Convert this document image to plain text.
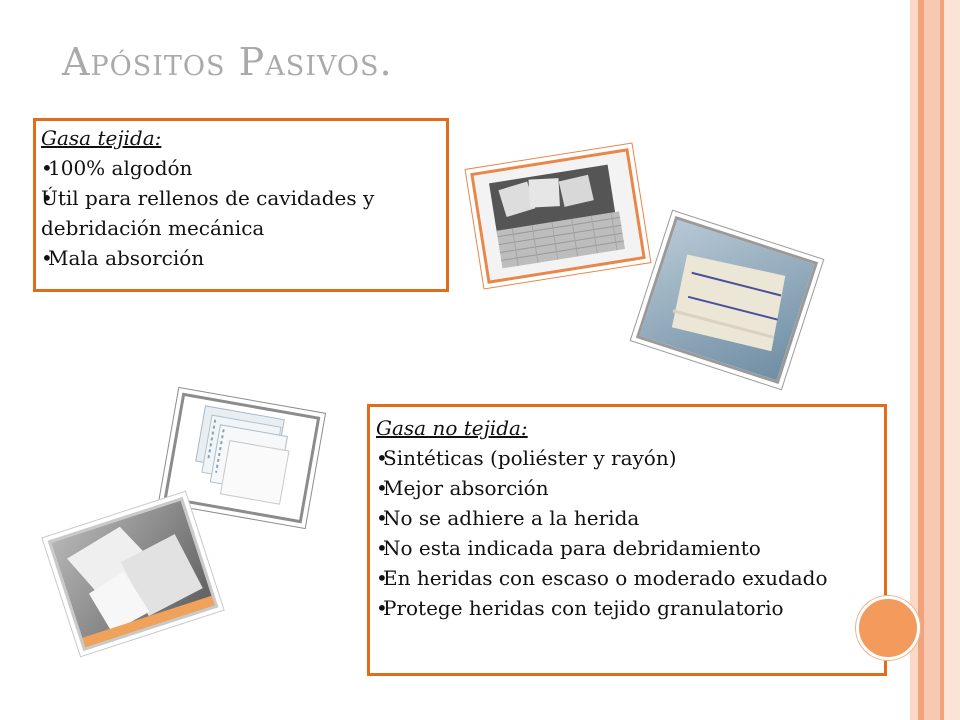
Apósitos Pasivos.
Gasa tejida:
• 100% algodón
• Útil para rellenos de cavidades y debridación mecánica
• Mala absorción
Gasa no tejida:
• Sintéticas (poliéster y rayón)
• Mejor absorción
• No se adhiere a la herida
• No esta indicada para debridamiento
• En heridas con escaso o moderado exudado
• Protege heridas con tejido granulatorio
